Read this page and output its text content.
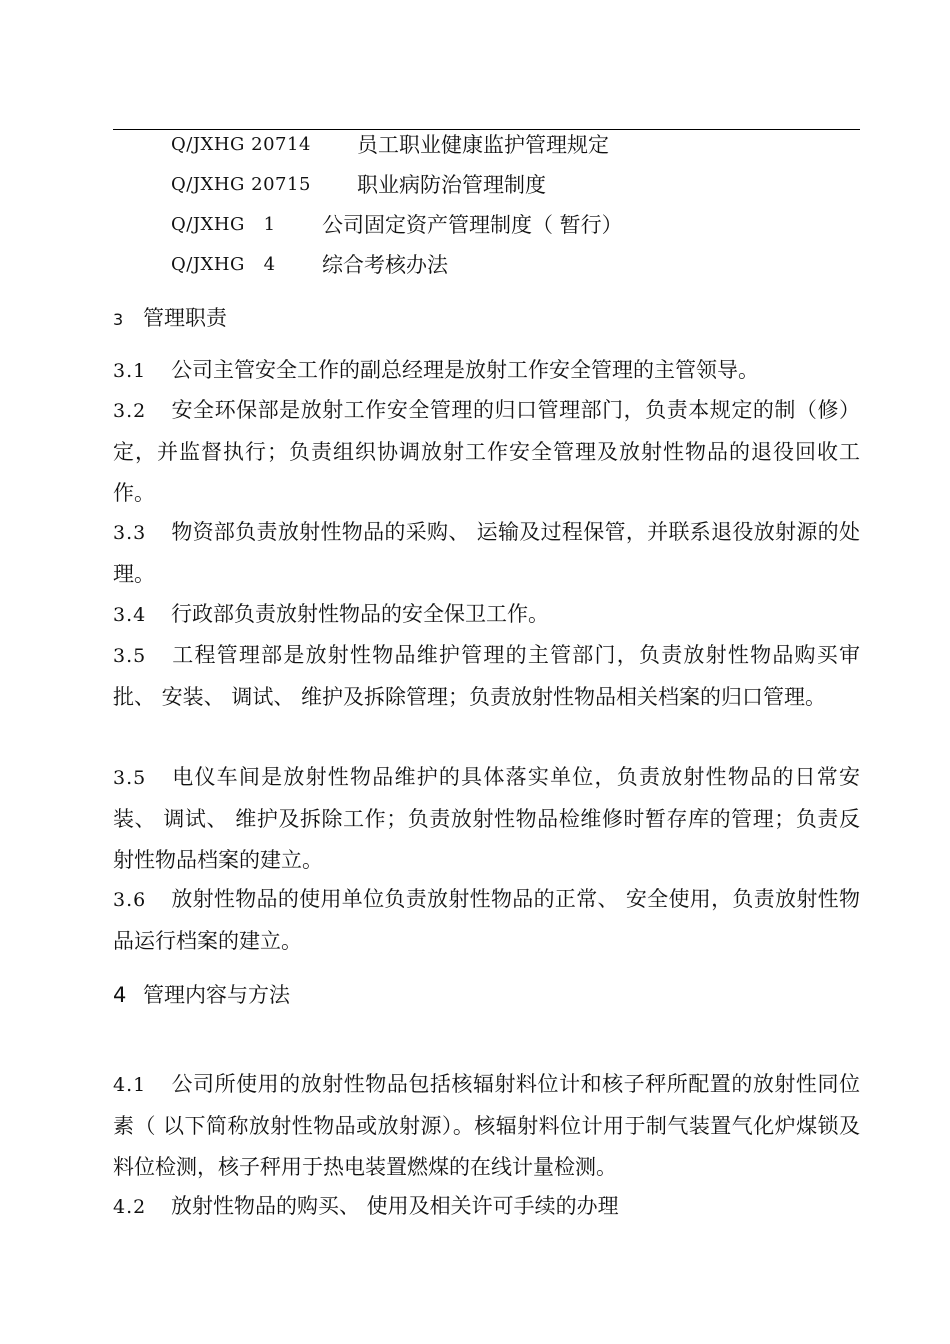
Q/JXHG 20714 员工职业健康监护管理规定
Q/JXHG 20715 职业病防治管理制度
Q/JXHG   1 公司固定资产管理制度（ 暂行）
Q/JXHG   4 综合考核办法
3 管理职责
3.1 公司主管安全工作的副总经理是放射工作安全管理的主管领导。
3.2 安全环保部是放射工作安全管理的归口管理部门，负责本规定的制（修）定，并监督执行；负责组织协调放射工作安全管理及放射性物品的退役回收工作。
3.3 物资部负责放射性物品的采购、 运输及过程保管，并联系退役放射源的处理。
3.4 行政部负责放射性物品的安全保卫工作。
3.5 工程管理部是放射性物品维护管理的主管部门，负责放射性物品购买审批、 安装、 调试、 维护及拆除管理；负责放射性物品相关档案的归口管理。
3.5 电仪车间是放射性物品维护的具体落实单位，负责放射性物品的日常安装、 调试、 维护及拆除工作；负责放射性物品检维修时暂存库的管理；负责反射性物品档案的建立。
3.6 放射性物品的使用单位负责放射性物品的正常、 安全使用，负责放射性物品运行档案的建立。
4 管理内容与方法
4.1 公司所使用的放射性物品包括核辐射料位计和核子秤所配置的放射性同位素（ 以下简称放射性物品或放射源）。核辐射料位计用于制气装置气化炉煤锁及料位检测，核子秤用于热电装置燃煤的在线计量检测。
4.2 放射性物品的购买、 使用及相关许可手续的办理
